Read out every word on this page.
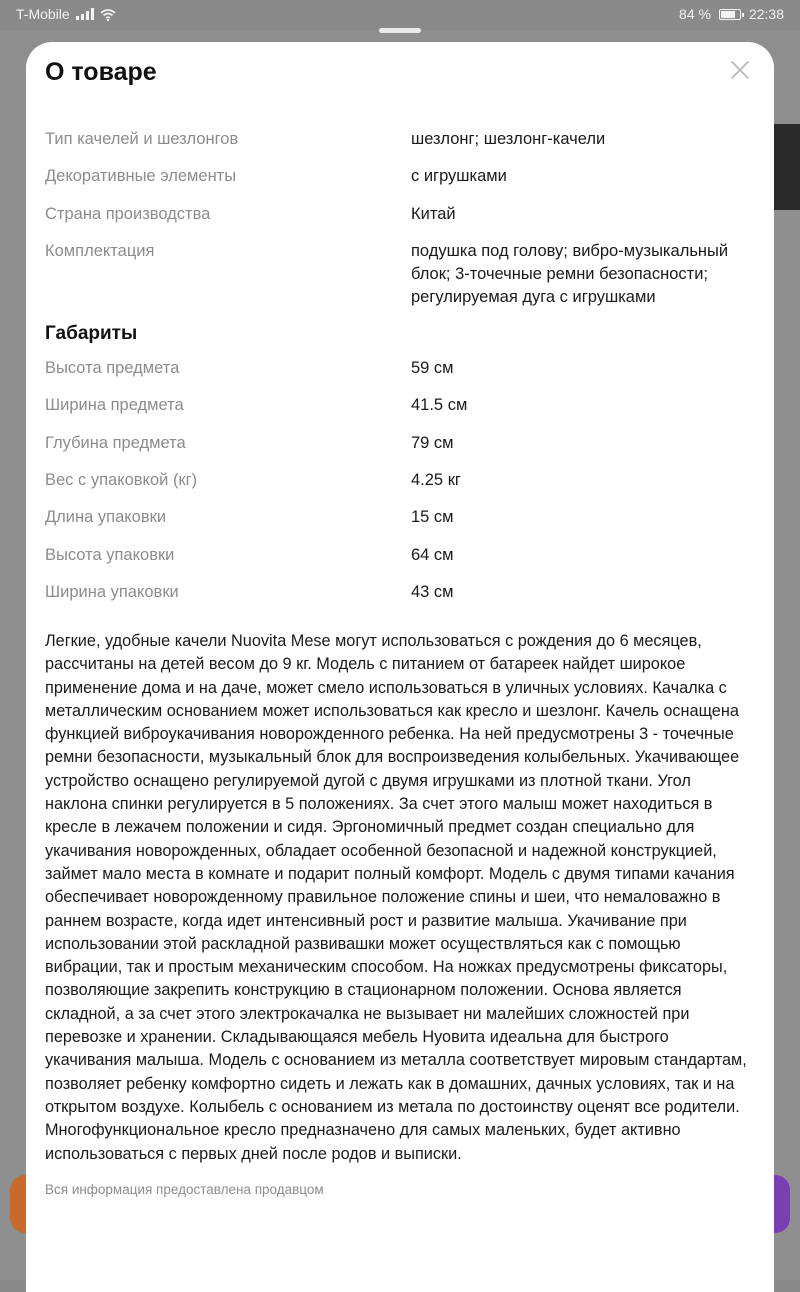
T-Mobile	84 %	22:38
О товаре

Тип качелей и шезлонгов	шезлонг; шезлонг-качели
Декоративные элементы	с игрушками
Страна производства	Китай
Комплектация	подушка под голову; вибро-музыкальный блок; 3-точечные ремни безопасности; регулируемая дуга с игрушками
Габариты
Высота предмета	59 см
Ширина предмета	41.5 см
Глубина предмета	79 см
Вес с упаковкой (кг)	4.25 кг
Длина упаковки	15 см
Высота упаковки	64 см
Ширина упаковки	43 см
Легкие, удобные качели Nuovita Mese могут использоваться с рождения до 6 месяцев, рассчитаны на детей весом до 9 кг. Модель с питанием от батареек найдет широкое применение дома и на даче, может смело использоваться в уличных условиях. Качалка с металлическим основанием может использоваться как кресло и шезлонг. Качель оснащена функцией виброукачивания новорожденного ребенка. На ней предусмотрены 3 - точечные ремни безопасности, музыкальный блок для воспроизведения колыбельных. Укачивающее устройство оснащено регулируемой дугой с двумя игрушками из плотной ткани. Угол наклона спинки регулируется в 5 положениях. За счет этого малыш может находиться в кресле в лежачем положении и сидя. Эргономичный предмет создан специально для укачивания новорожденных, обладает особенной безопасной и надежной конструкцией, займет мало места в комнате и подарит полный комфорт. Модель с двумя типами качания обеспечивает новорожденному правильное положение спины и шеи, что немаловажно в раннем возрасте, когда идет интенсивный рост и развитие малыша. Укачивание при использовании этой раскладной развивашки может осуществляться как с помощью вибрации, так и простым механическим способом. На ножках предусмотрены фиксаторы, позволяющие закрепить конструкцию в стационарном положении. Основа является складной, а за счет этого электрокачалка не вызывает ни малейших сложностей при перевозке и хранении. Складывающаяся мебель Нуовита идеальна для быстрого укачивания малыша. Модель с основанием из металла соответствует мировым стандартам, позволяет ребенку комфортно сидеть и лежать как в домашних, дачных условиях, так и на открытом воздухе. Колыбель с основанием из метала по достоинству оценят все родители. Многофункциональное кресло предназначено для самых маленьких, будет активно использоваться с первых дней после родов и выписки.
Вся информация предоставлена продавцом
